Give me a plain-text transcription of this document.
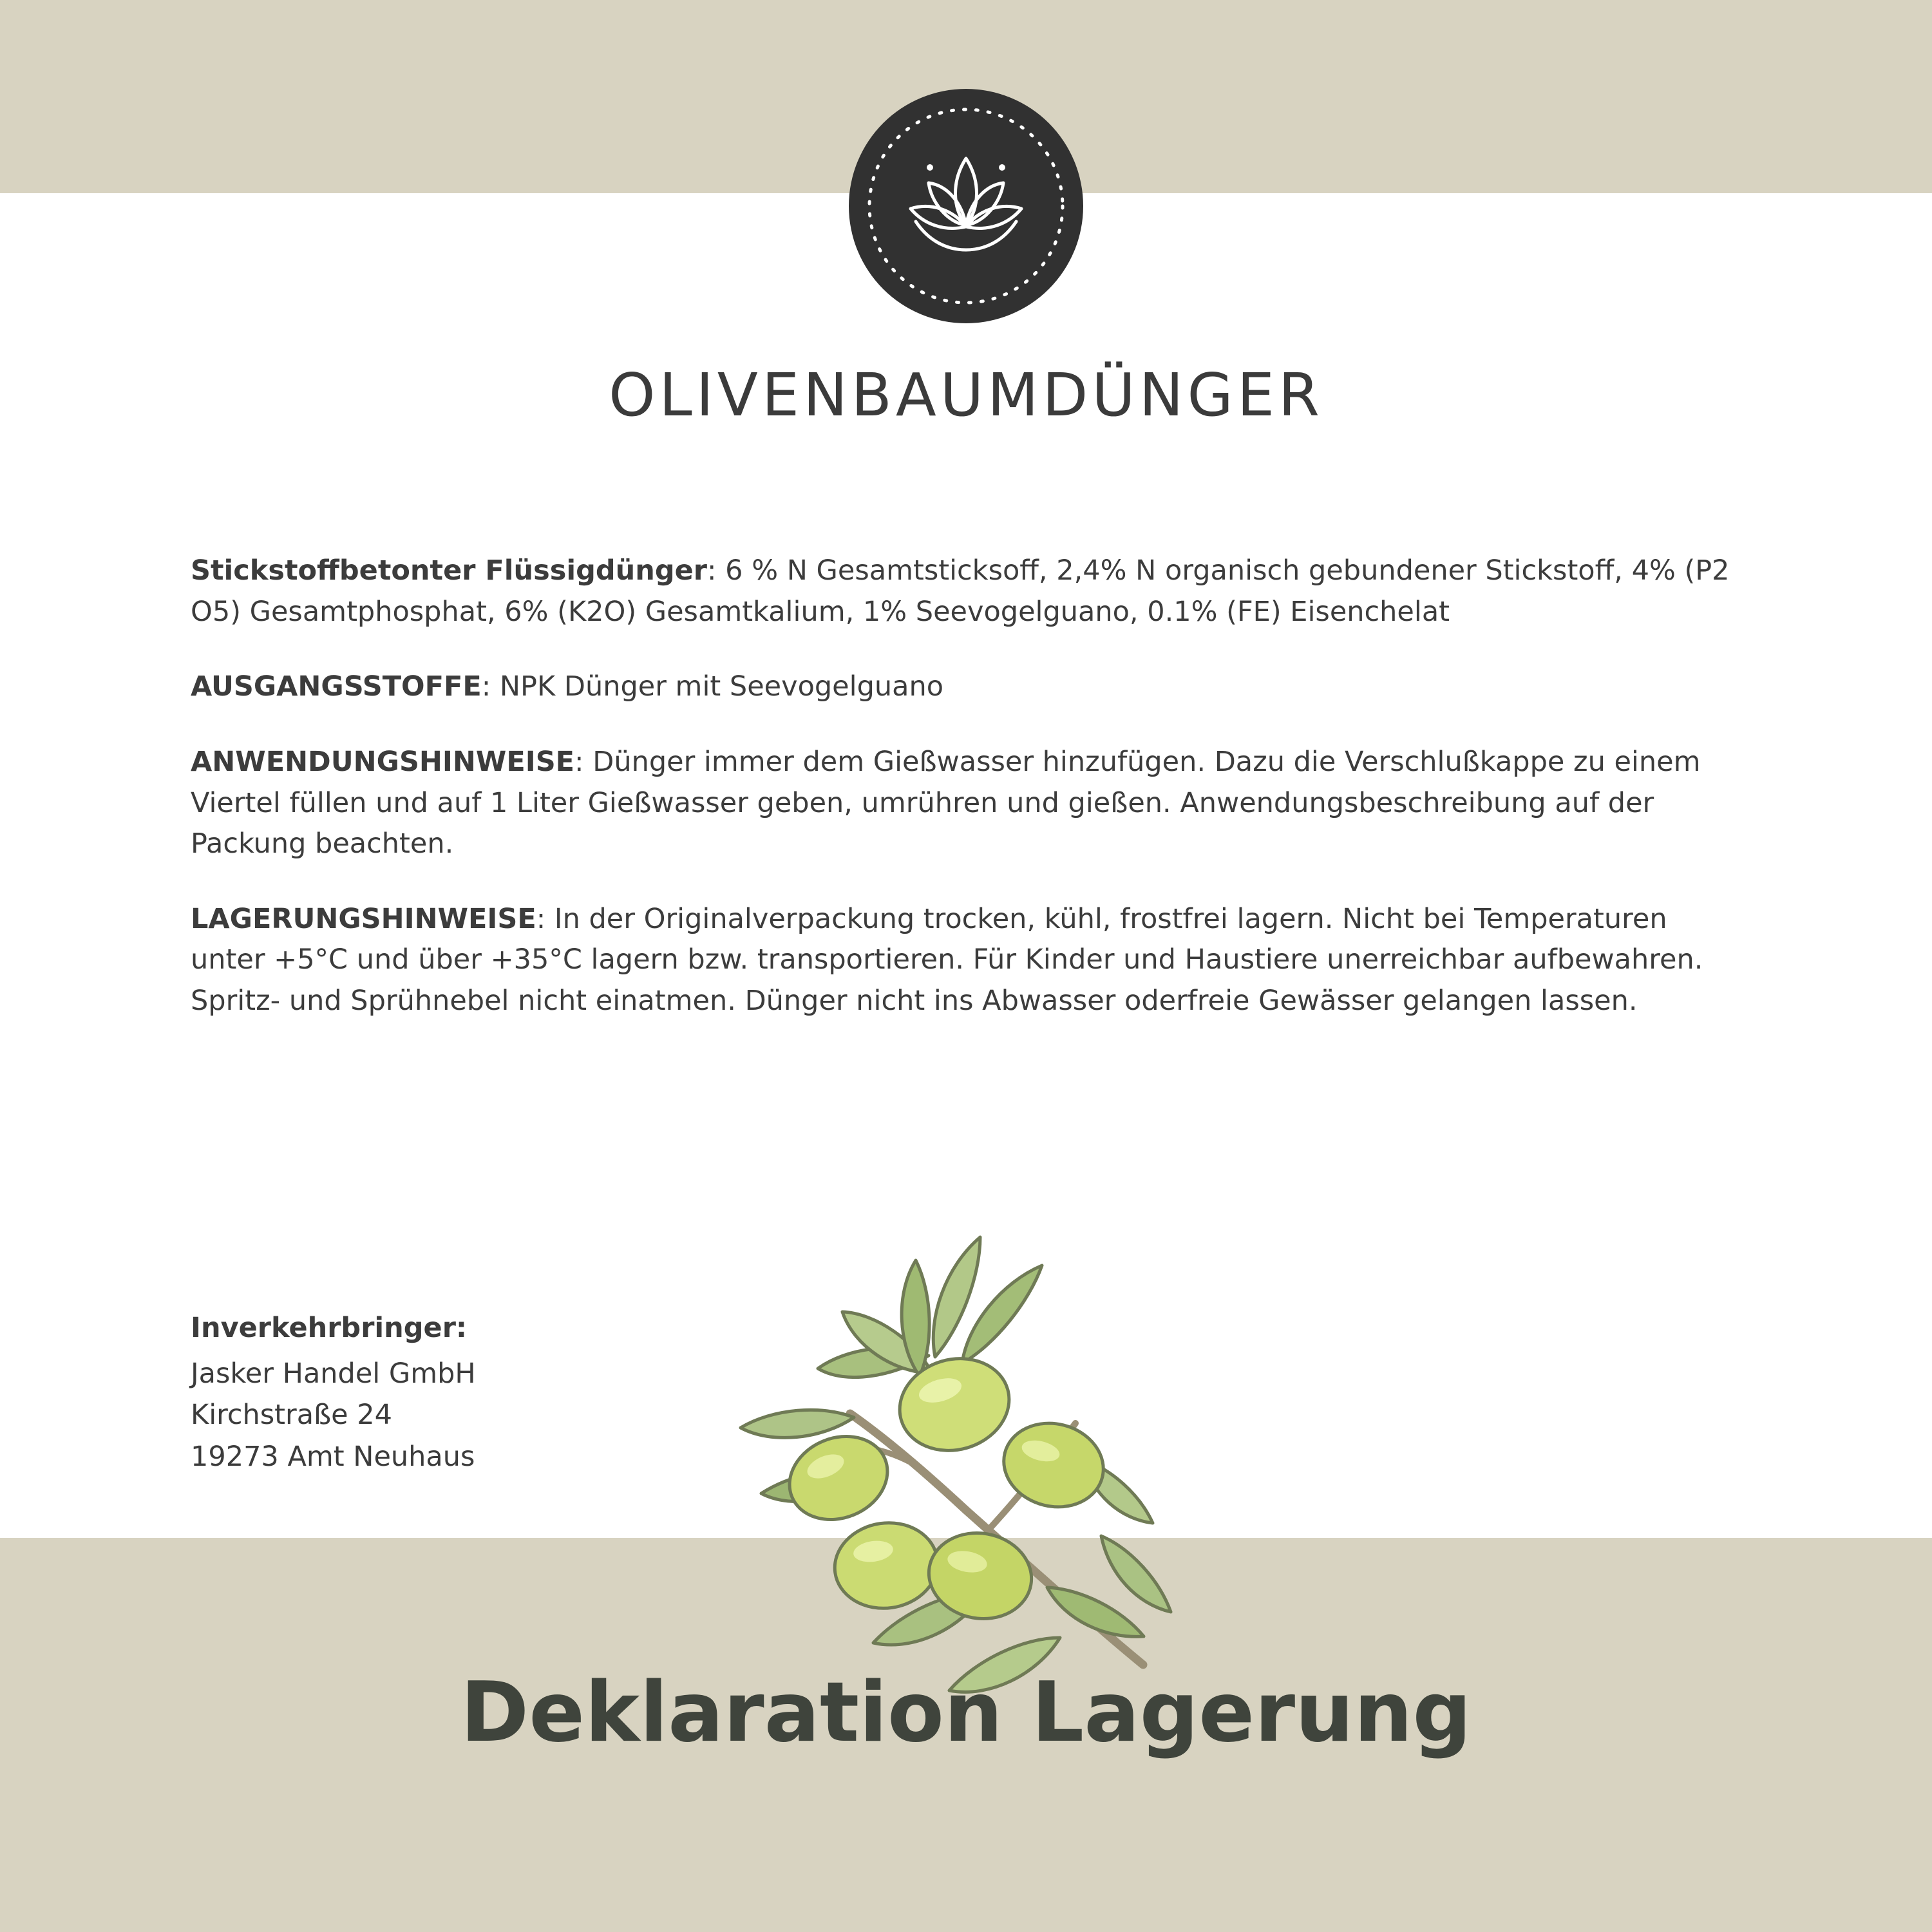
OLIVENBAUMDÜNGER

Stickstoffbetonter Flüssigdünger: 6 % N Gesamtsticksoff, 2,4% N organisch gebundener Stickstoff, 4% (P2 O5) Gesamtphosphat, 6% (K2O) Gesamtkalium, 1% Seevogelguano, 0.1% (FE) Eisenchelat

AUSGANGSSTOFFE: NPK Dünger mit Seevogelguano

ANWENDUNGSHINWEISE: Dünger immer dem Gießwasser hinzufügen. Dazu die Verschlußkappe zu einem Viertel füllen und auf 1 Liter Gießwasser geben, umrühren und gießen. Anwendungsbeschreibung auf der Packung beachten.

LAGERUNGSHINWEISE: In der Originalverpackung trocken, kühl, frostfrei lagern. Nicht bei Temperaturen unter +5°C und über +35°C lagern bzw. transportieren. Für Kinder und Haustiere unerreichbar aufbewahren. Spritz- und Sprühnebel nicht einatmen. Dünger nicht ins Abwasser oderfreie Gewässer gelangen lassen.

Inverkehrbringer:
Jasker Handel GmbH
Kirchstraße 24
19273 Amt Neuhaus
Deklaration Lagerung
